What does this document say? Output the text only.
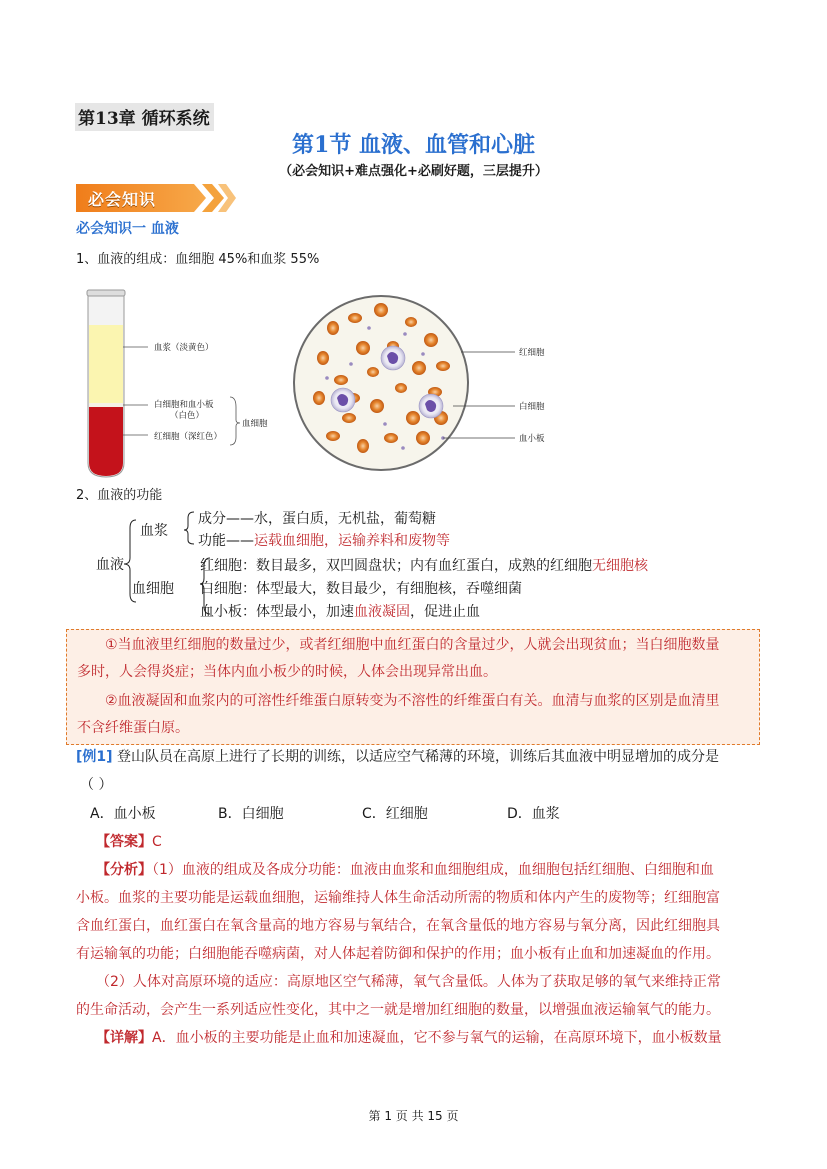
第13章 循环系统
第1节 血液、血管和心脏
（必会知识+难点强化+必刷好题，三层提升）
必会知识
必会知识一 血液
1、血液的组成：血细胞 45%和血浆 55%
血浆（淡黄色）
白细胞和血小板
（白色）
红细胞（深红色）
血细胞
红细胞
白细胞
血小板
2、血液的功能
血液
血浆
血细胞
成分——水，蛋白质，无机盐，葡萄糖
功能——运载血细胞，运输养料和废物等
红细胞：数目最多，双凹圆盘状；内有血红蛋白，成熟的红细胞无细胞核
白细胞：体型最大，数目最少，有细胞核，吞噬细菌
血小板：体型最小，加速血液凝固，促进止血

①当血液里红细胞的数量过少，或者红细胞中血红蛋白的含量过少，人就会出现贫血；当白细胞数量

多时，人会得炎症；当体内血小板少的时候，人体会出现异常出血。

②血液凝固和血浆内的可溶性纤维蛋白原转变为不溶性的纤维蛋白有关。血清与血浆的区别是血清里

不含纤维蛋白原。

[例1] 登山队员在高原上进行了长期的训练，以适应空气稀薄的环境，训练后其血液中明显增加的成分是
（ ）
A．血小板	B．白细胞	C．红细胞	D．血浆
【答案】C
【分析】（1）血液的组成及各成分功能：血液由血浆和血细胞组成，血细胞包括红细胞、白细胞和血
小板。血浆的主要功能是运载血细胞，运输维持人体生命活动所需的物质和体内产生的废物等；红细胞富
含血红蛋白，血红蛋白在氧含量高的地方容易与氧结合，在氧含量低的地方容易与氧分离，因此红细胞具
有运输氧的功能；白细胞能吞噬病菌，对人体起着防御和保护的作用；血小板有止血和加速凝血的作用。
（2）人体对高原环境的适应：高原地区空气稀薄，氧气含量低。人体为了获取足够的氧气来维持正常
的生命活动，会产生一系列适应性变化，其中之一就是增加红细胞的数量，以增强血液运输氧气的能力。
【详解】A．血小板的主要功能是止血和加速凝血，它不参与氧气的运输，在高原环境下，血小板数量
第 1 页 共 15 页
